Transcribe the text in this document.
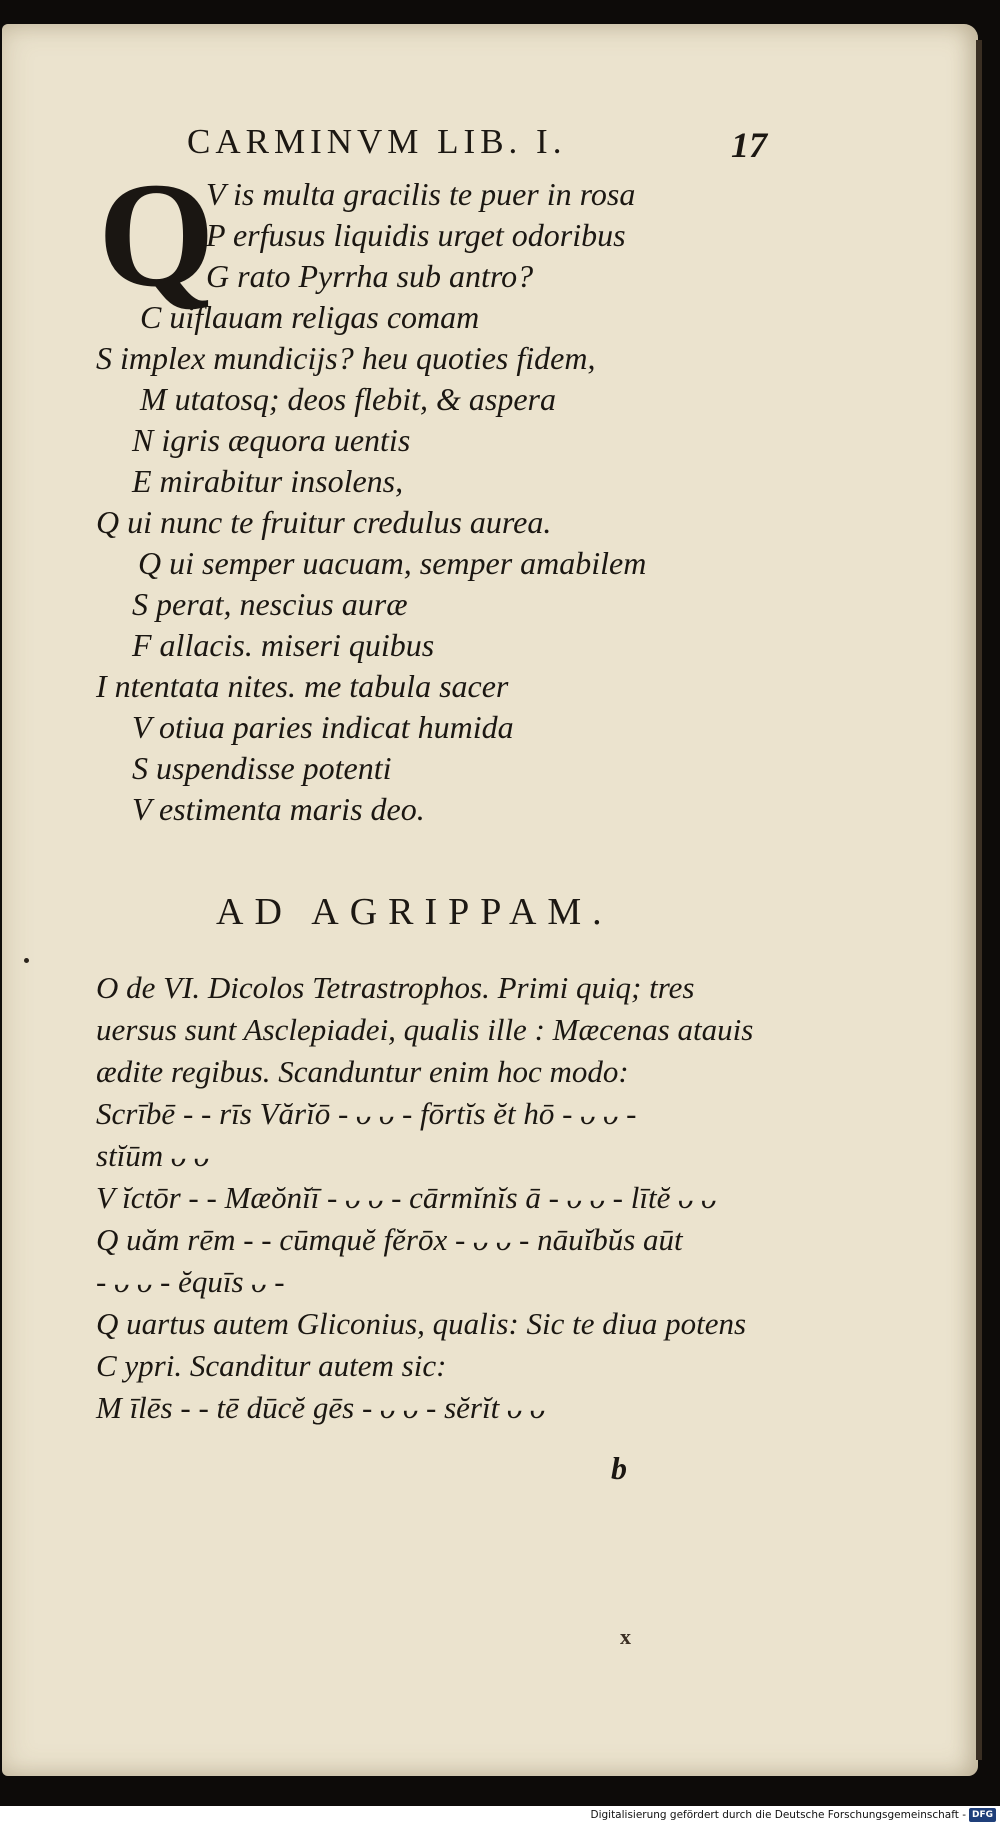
CARMINVM LIB. I.	17
Q
V is multa gracilis te puer in rosa
P erfusus liquidis urget odoribus
G rato Pyrrha sub antro?
C uiflauam religas comam
S implex mundicijs? heu quoties fidem,
M utatosq; deos flebit, & aspera
N igris æquora uentis
E mirabitur insolens,
Q ui nunc te fruitur credulus aurea.
Q ui semper uacuam, semper amabilem
S perat, nescius auræ
F allacis. miseri quibus
I ntentata nites. me tabula sacer
V otiua paries indicat humida
S uspendisse potenti
V estimenta maris deo.
AD AGRIPPAM.
O de VI. Dicolos Tetrastrophos. Primi quiq; tres
uersus sunt Asclepiadei, qualis ille : Mæcenas atauis
ædite regibus. Scanduntur enim hoc modo:
Scrībē - - rīs Vărĭō - ᴗ ᴗ - fōrtĭs ĕt hō - ᴗ ᴗ -
stĭūm ᴗ ᴗ
V ĭctōr - - Mæŏnĭī - ᴗ ᴗ - cārmĭnĭs ā - ᴗ ᴗ - lītĕ ᴗ ᴗ
Q uăm rēm - - cūmquĕ fĕrōx - ᴗ ᴗ - nāuĭbŭs aūt
- ᴗ ᴗ - ĕquīs ᴗ -
Q uartus autem Gliconius, qualis: Sic te diua potens
C ypri. Scanditur autem sic:
M īlēs - - tē dūcĕ gēs - ᴗ ᴗ - sĕrĭt ᴗ ᴗ
b
x
Digitalisierung gefördert durch die Deutsche Forschungsgemeinschaft - DFG
